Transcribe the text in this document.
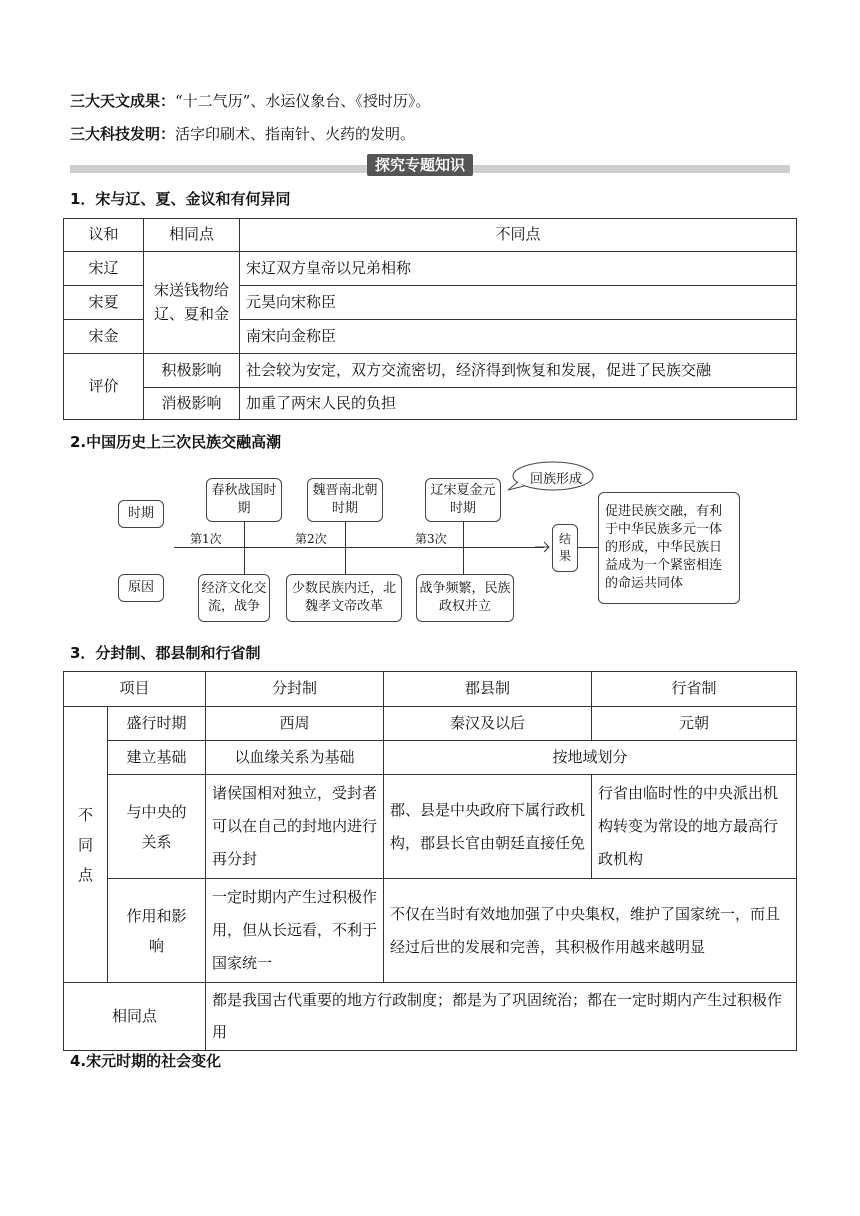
三大天文成果：“十二气历”、水运仪象台、《授时历》。
三大科技发明：活字印刷术、指南针、火药的发明。
探究专题知识
1．宋与辽、夏、金议和有何异同
议和	相同点	不同点
宋辽	宋送钱物给辽、夏和金	宋辽双方皇帝以兄弟相称
宋夏		元昊向宋称臣
宋金		南宋向金称臣
评价	积极影响	社会较为安定，双方交流密切，经济得到恢复和发展，促进了民族交融
	消极影响	加重了两宋人民的负担
2.中国历史上三次民族交融高潮
时期
原因
春秋战国时期
魏晋南北朝时期
辽宋夏金元时期
第1次	第2次	第3次
经济文化交流，战争
少数民族内迁，北魏孝文帝改革
战争频繁，民族政权并立
回族形成
结果
促进民族交融，有利于中华民族多元一体的形成，中华民族日益成为一个紧密相连的命运共同体
3．分封制、郡县制和行省制
项目		分封制	郡县制	行省制
不同点	盛行时期	西周	秦汉及以后	元朝
	建立基础	以血缘关系为基础	按地域划分	
	与中央的关系	诸侯国相对独立，受封者可以在自己的封地内进行再分封	郡、县是中央政府下属行政机构，郡县长官由朝廷直接任免	行省由临时性的中央派出机构转变为常设的地方最高行政机构
	作用和影响	一定时期内产生过积极作用，但从长远看，不利于国家统一	不仅在当时有效地加强了中央集权，维护了国家统一，而且经过后世的发展和完善，其积极作用越来越明显	
相同点		都是我国古代重要的地方行政制度；都是为了巩固统治；都在一定时期内产生过积极作用		
4.宋元时期的社会变化
